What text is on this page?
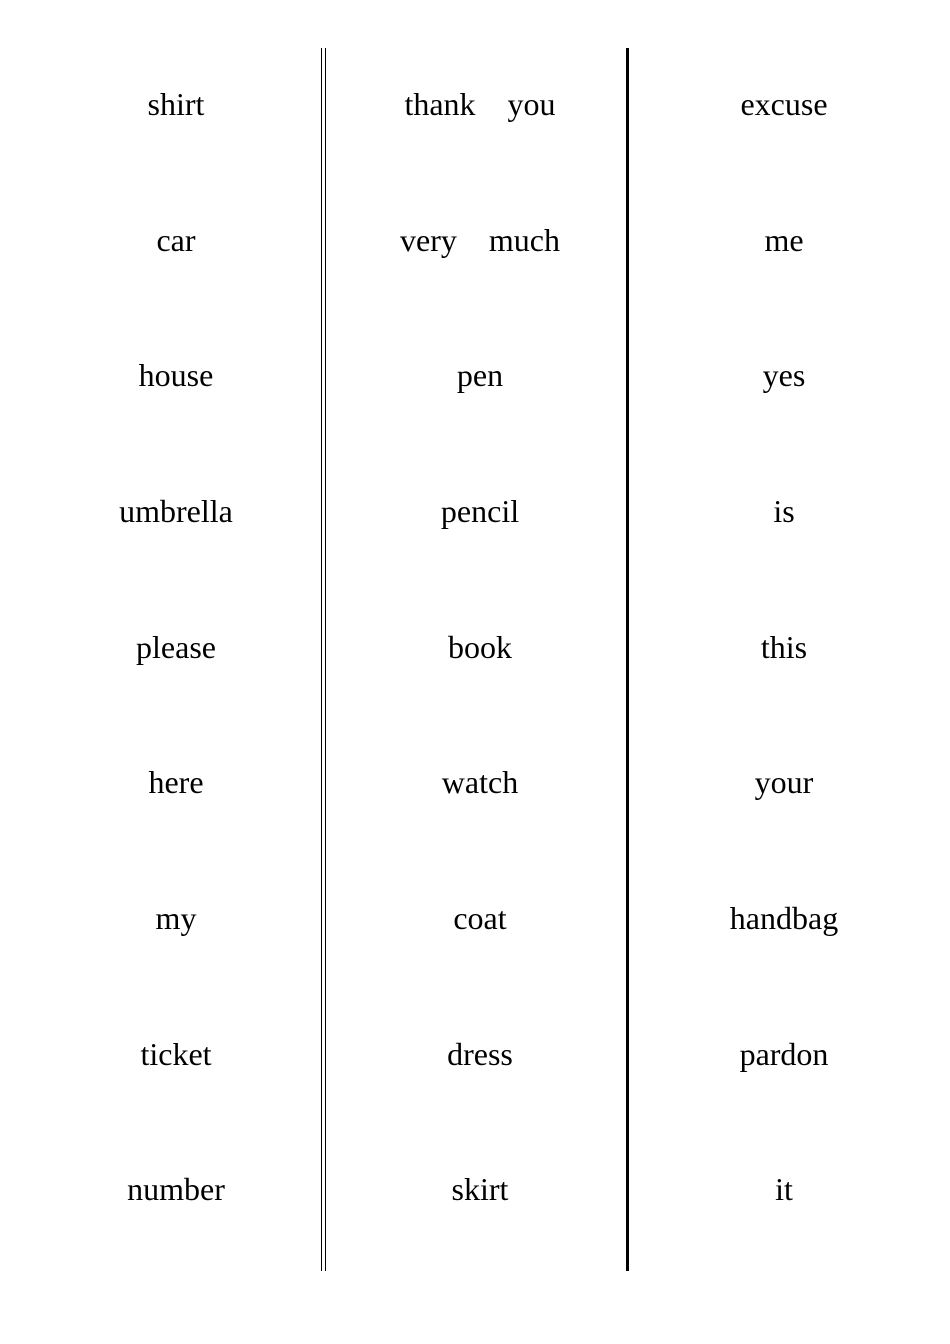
shirt
car
house
umbrella
please
here
my
ticket
number
thank    you
very    much
pen
pencil
book
watch
coat
dress
skirt
excuse
me
yes
is
this
your
handbag
pardon
it
